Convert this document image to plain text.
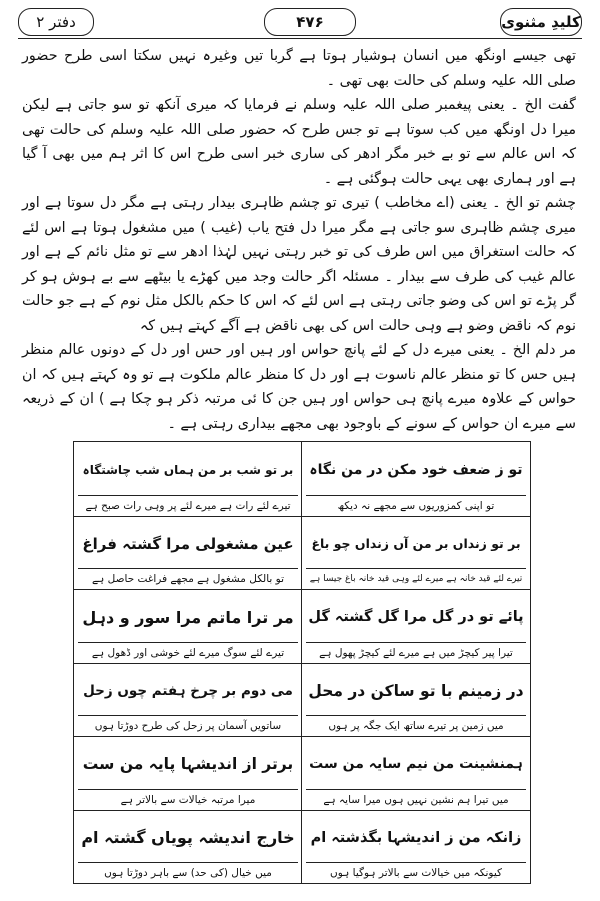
کلیدِ مثنوی
۴۷۶
دفتر ۲

تھی جیسے اونگھ میں انسان ہوشیار ہوتا ہے گربا تیں وغیرہ نہیں سکتا اسی طرح حضور صلی اللہ علیہ وسلم کی حالت بھی تھی ۔

گفت الخ ۔ یعنی پیغمبر صلی اللہ علیہ وسلم نے فرمایا کہ میری آنکھ تو سو جاتی ہے لیکن میرا دل اونگھ میں کب سوتا ہے تو جس طرح کہ حضور صلی اللہ علیہ وسلم کی حالت تھی کہ اس عالم سے تو بے خبر مگر ادھر کی ساری خبر اسی طرح اس کا اثر ہم میں بھی آ گیا ہے اور ہماری بھی یہی حالت ہوگئی ہے ۔

چشم تو الخ ۔ یعنی (اے مخاطب ) تیری تو چشم ظاہری بیدار رہتی ہے مگر دل سوتا ہے اور میری چشم ظاہری سو جاتی ہے مگر میرا دل فتح یاب (غیب ) میں مشغول ہوتا ہے اس لئے کہ حالت استغراق میں اس طرف کی تو خبر رہتی نہیں لہٰذا ادھر سے تو مثل نائم کے ہے اور عالم غیب کی طرف سے بیدار ۔ مسئلہ اگر حالت وجد میں کھڑے یا بیٹھے سے بے ہوش ہو کر گر پڑے تو اس کی وضو جاتی رہتی ہے اس لئے کہ اس کا حکم بالکل مثل نوم کے ہے جو حالت نوم کہ ناقض وضو ہے وہی حالت اس کی بھی ناقض ہے آگے کہتے ہیں کہ

مر دلم الخ ۔ یعنی میرے دل کے لئے پانچ حواس اور ہیں اور حس اور دل کے دونوں عالم منظر ہیں حس کا تو منظر عالم ناسوت ہے اور دل کا منظر عالم ملکوت ہے تو وہ کہتے ہیں کہ ان حواس کے علاوہ میرے پانچ ہی حواس اور ہیں جن کا ئی مرتبہ ذکر ہو چکا ہے ) ان کے ذریعہ سے میرے ان حواس کے سونے کے باوجود بھی مجھے بیداری رہتی ہے ۔

تو ز ضعف خود مکن در من نگاہ
تو اپنی کمزوریوں سے مجھے نہ دیکھ
بر تو شب بر من ہماں شب چاشتگاہ
تیرے لئے رات ہے میرے لئے پر وہی رات صبح ہے
بر تو زنداں بر من آں زنداں چو باغ
تیرے لئے قید خانہ ہے میرے لئے وہی قید خانہ باغ جیسا ہے
عین مشغولی مرا گشتہ فراغ
تو بالکل مشغول ہے مجھے فراغت حاصل ہے
پائے تو در گل مرا گل گشتہ گل
تیرا پیر کیچڑ میں ہے میرے لئے کیچڑ پھول ہے
مر ترا ماتم مرا سور و دہل
تیرے لئے سوگ میرے لئے خوشی اور ڈھول ہے
در زمینم با تو ساکن در محل
میں زمین پر تیرے ساتھ ایک جگہ پر ہوں
می دوم بر چرخ ہفتم چوں زحل
ساتویں آسمان پر زحل کی طرح دوڑتا ہوں
ہمنشینت من نیم سایہ من ست
میں تیرا ہم نشین نہیں ہوں میرا سایہ ہے
برتر از اندیشہا پایہ من ست
میرا مرتبہ خیالات سے بالاتر ہے
زانکہ من ز اندیشہا بگذشتہ ام
کیونکہ میں خیالات سے بالاتر ہوگیا ہوں
خارج اندیشہ پویاں گشتہ ام
میں خیال (کی حد) سے باہر دوڑتا ہوں
